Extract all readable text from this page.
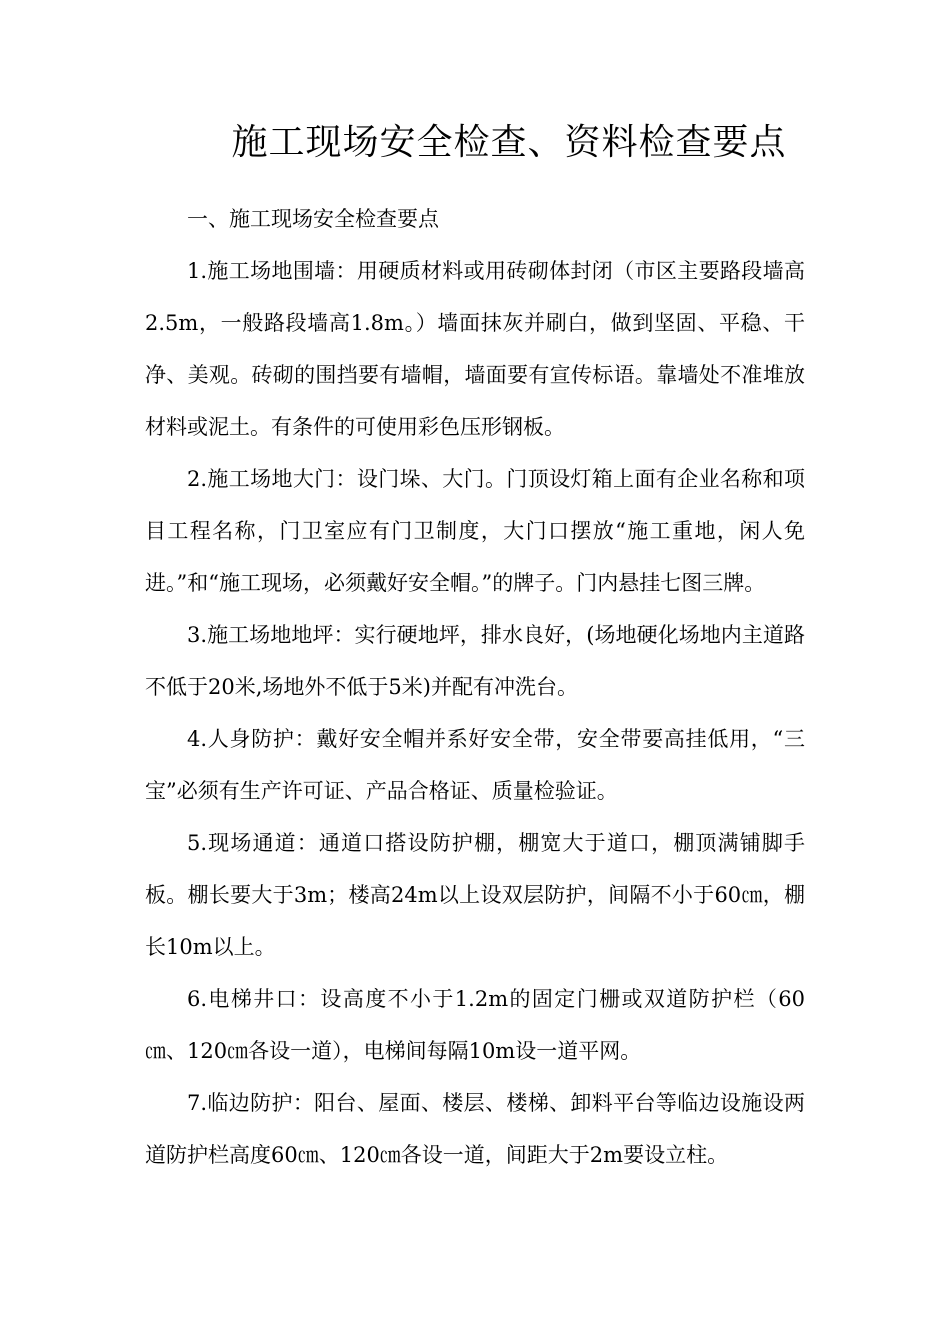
施工现场安全检查、资料检查要点

一、施工现场安全检查要点

1.施工场地围墙：用硬质材料或用砖砌体封闭（市区主要路段墙高2.5m，一般路段墙高1.8m。）墙面抹灰并刷白，做到坚固、平稳、干净、美观。砖砌的围挡要有墙帽，墙面要有宣传标语。靠墙处不准堆放材料或泥土。有条件的可使用彩色压形钢板。

2.施工场地大门：设门垛、大门。门顶设灯箱上面有企业名称和项目工程名称，门卫室应有门卫制度，大门口摆放“施工重地，闲人免进。”和“施工现场，必须戴好安全帽。”的牌子。门内悬挂七图三牌。

3.施工场地地坪：实行硬地坪，排水良好，(场地硬化场地内主道路不低于20米,场地外不低于5米)并配有冲洗台。

4.人身防护：戴好安全帽并系好安全带，安全带要高挂低用，“三宝”必须有生产许可证、产品合格证、质量检验证。

5.现场通道：通道口搭设防护棚，棚宽大于道口，棚顶满铺脚手板。棚长要大于3m；楼高24m以上设双层防护，间隔不小于60㎝，棚长10m以上。

6.电梯井口：设高度不小于1.2m的固定门栅或双道防护栏（60㎝、120㎝各设一道），电梯间每隔10m设一道平网。

7.临边防护：阳台、屋面、楼层、楼梯、卸料平台等临边设施设两道防护栏高度60㎝、120㎝各设一道，间距大于2m要设立柱。
